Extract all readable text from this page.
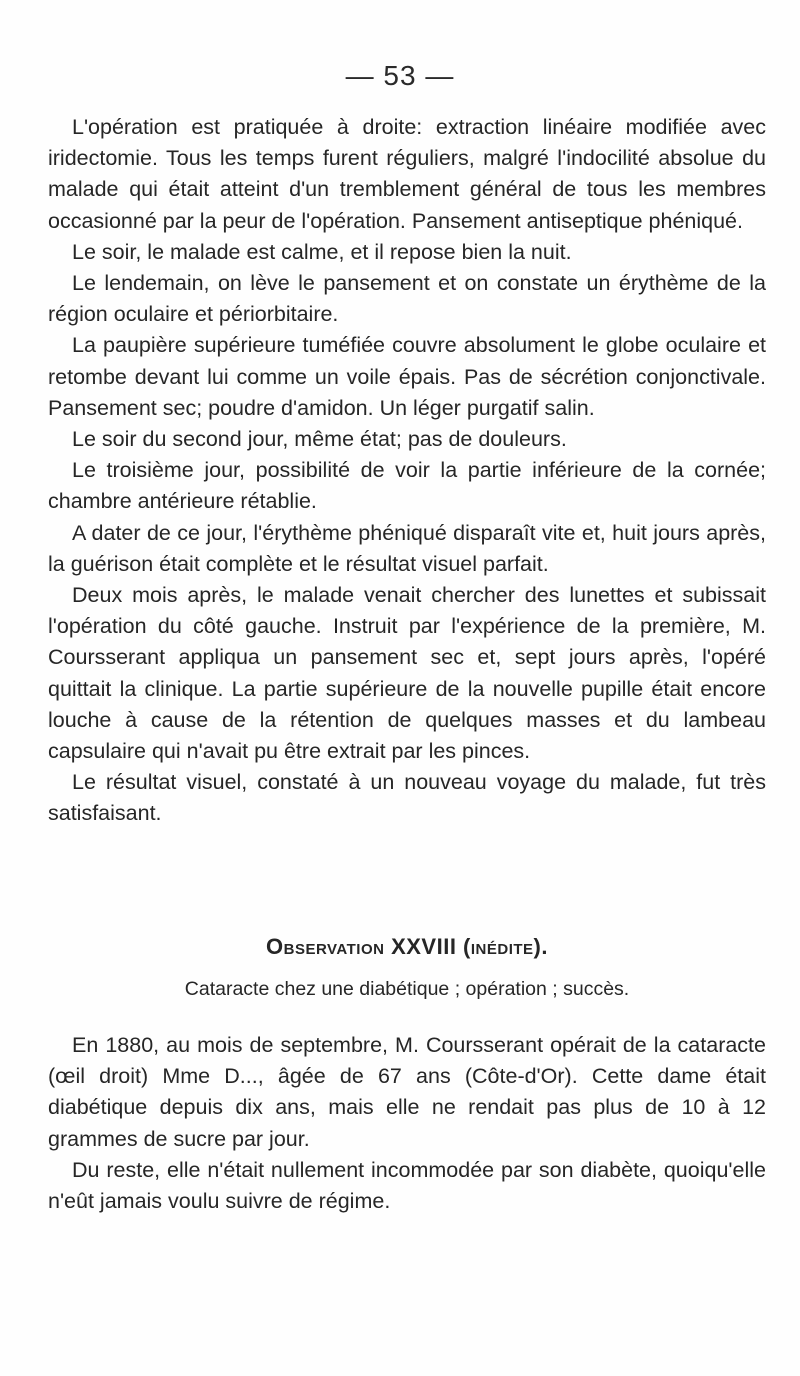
— 53 —

L'opération est pratiquée à droite: extraction linéaire modifiée avec iridectomie. Tous les temps furent réguliers, malgré l'indocilité absolue du malade qui était atteint d'un tremblement général de tous les membres occasionné par la peur de l'opération. Pansement antiseptique phéniqué.

Le soir, le malade est calme, et il repose bien la nuit.

Le lendemain, on lève le pansement et on constate un érythème de la région oculaire et périorbitaire.

La paupière supérieure tuméfiée couvre absolument le globe oculaire et retombe devant lui comme un voile épais. Pas de sécrétion conjonctivale. Pansement sec; poudre d'amidon. Un léger purgatif salin.

Le soir du second jour, même état; pas de douleurs.

Le troisième jour, possibilité de voir la partie inférieure de la cornée; chambre antérieure rétablie.

A dater de ce jour, l'érythème phéniqué disparaît vite et, huit jours après, la guérison était complète et le résultat visuel parfait.

Deux mois après, le malade venait chercher des lunettes et subissait l'opération du côté gauche. Instruit par l'expérience de la première, M. Coursserant appliqua un pansement sec et, sept jours après, l'opéré quittait la clinique. La partie supérieure de la nouvelle pupille était encore louche à cause de la rétention de quelques masses et du lambeau capsulaire qui n'avait pu être extrait par les pinces.

Le résultat visuel, constaté à un nouveau voyage du malade, fut très satisfaisant.

Observation XXVIII (inédite).
Cataracte chez une diabétique ; opération ; succès.

En 1880, au mois de septembre, M. Coursserant opérait de la cataracte (œil droit) Mme D..., âgée de 67 ans (Côte-d'Or). Cette dame était diabétique depuis dix ans, mais elle ne rendait pas plus de 10 à 12 grammes de sucre par jour.

Du reste, elle n'était nullement incommodée par son diabète, quoiqu'elle n'eût jamais voulu suivre de régime.
